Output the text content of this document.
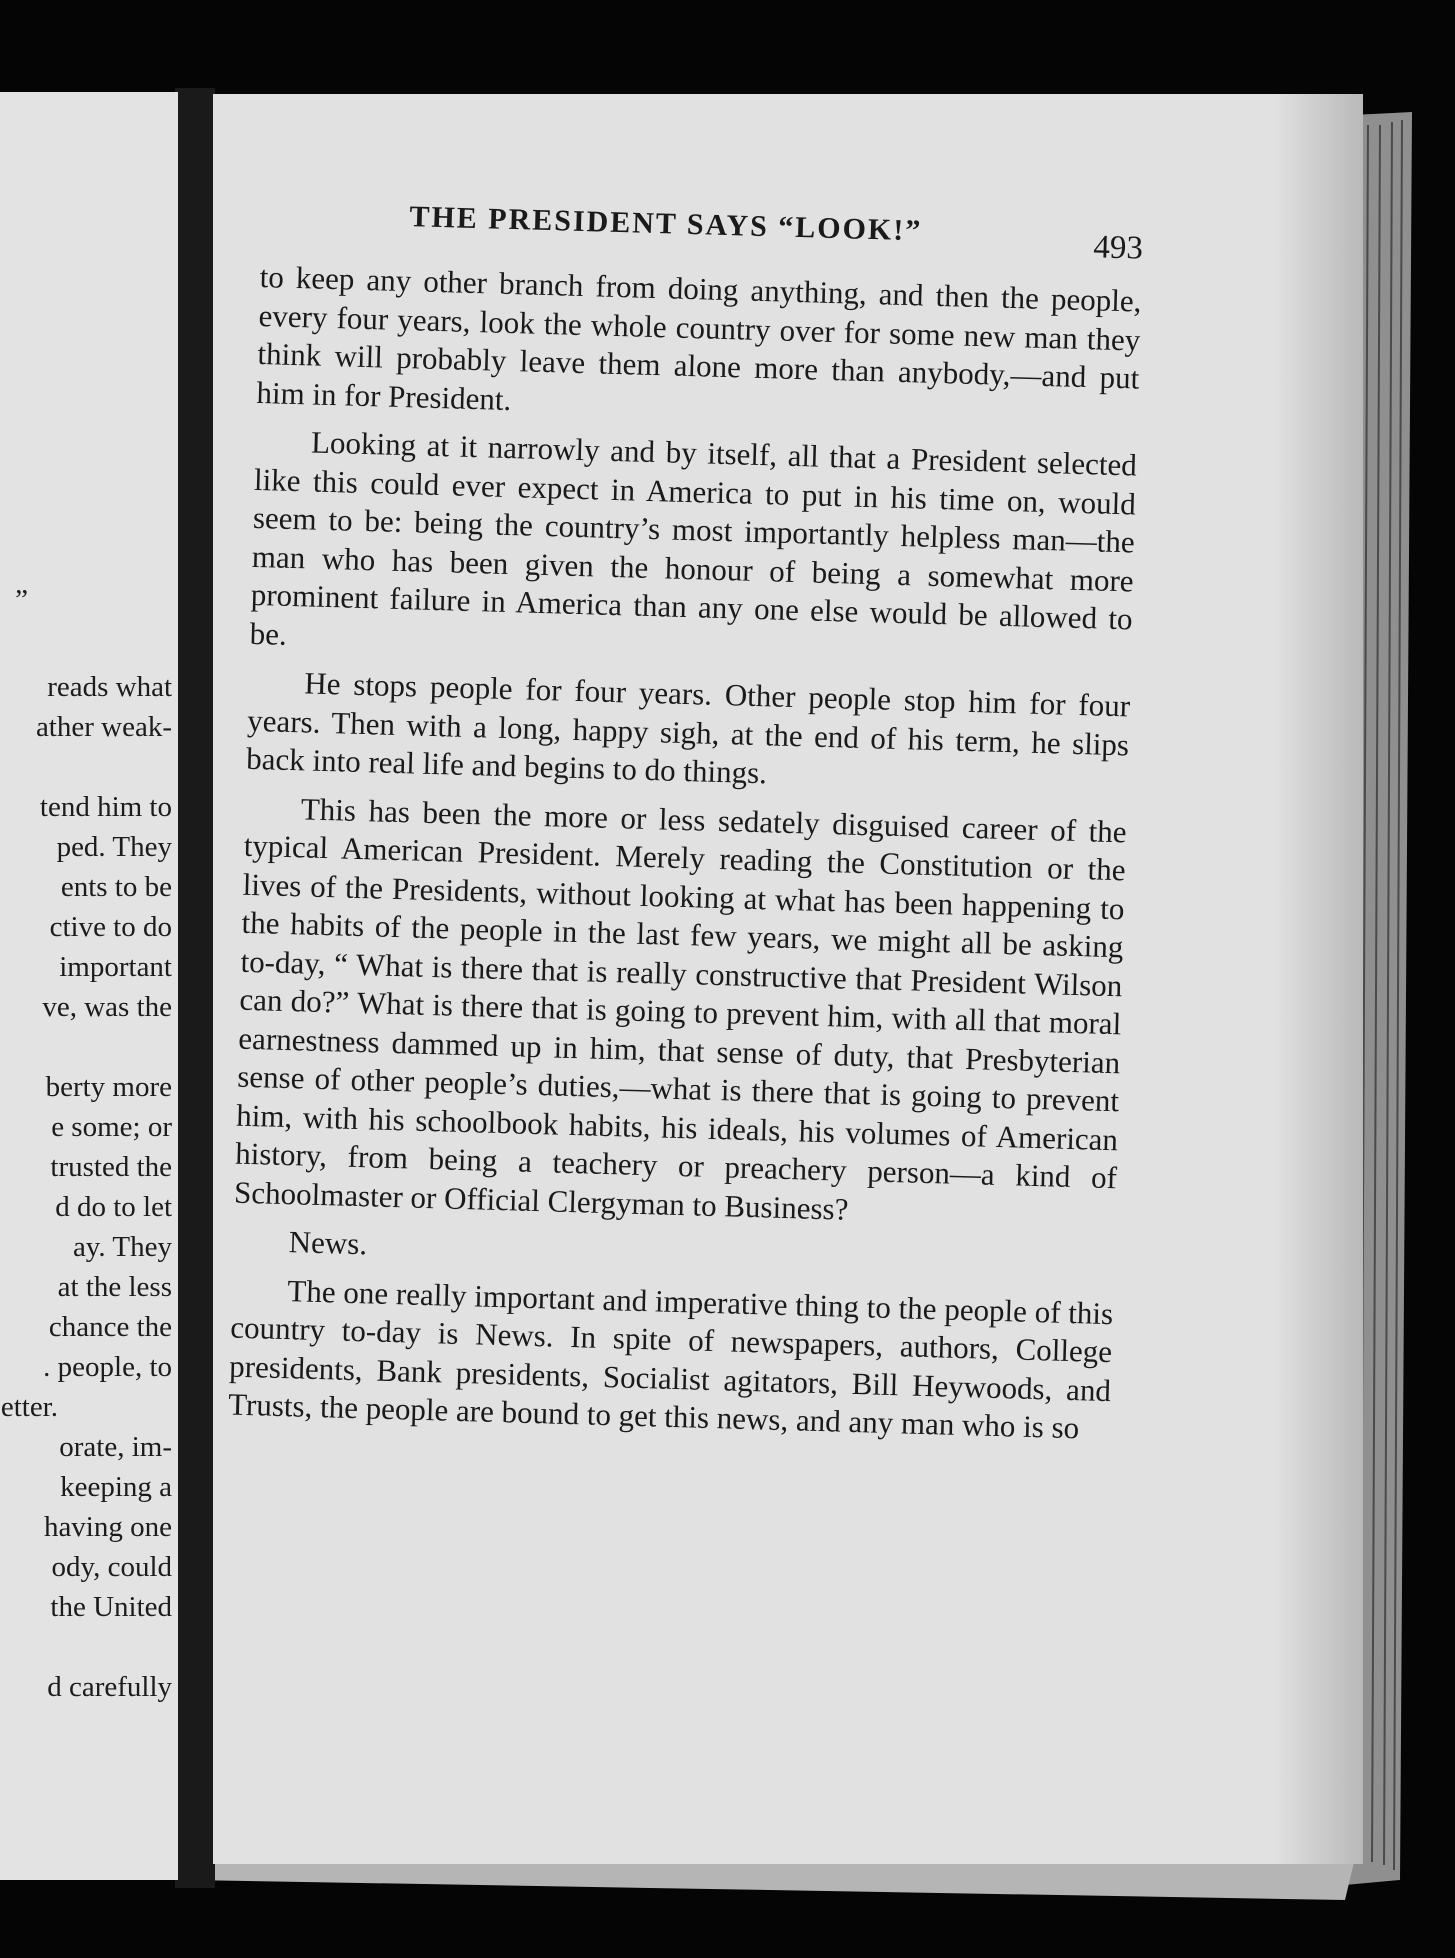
”
reads what
ather weak-
tend him to
ped. They
ents to be
ctive to do
important
ve, was the
berty more
e some; or
trusted the
d do to let
ay. They
at the less
chance the
. people, to
etter.
orate, im-
keeping a
having one
ody, could
the United
d carefully
THE PRESIDENT SAYS “LOOK!”
493

to keep any other branch from doing anything, and then the people, every four years, look the whole country over for some new man they think will probably leave them alone more than anybody,—and put him in for President.

Looking at it narrowly and by itself, all that a President selected like this could ever expect in America to put in his time on, would seem to be: being the country’s most importantly helpless man—the man who has been given the honour of being a somewhat more prominent failure in America than any one else would be allowed to be.

He stops people for four years. Other people stop him for four years. Then with a long, happy sigh, at the end of his term, he slips back into real life and begins to do things.

This has been the more or less sedately disguised career of the typical American President. Merely reading the Constitution or the lives of the Presidents, without looking at what has been happening to the habits of the people in the last few years, we might all be asking to-day, “ What is there that is really constructive that President Wilson can do?” What is there that is going to prevent him, with all that moral earnestness dammed up in him, that sense of duty, that Presbyterian sense of other people’s duties,—what is there that is going to prevent him, with his schoolbook habits, his ideals, his volumes of American history, from being a teachery or preachery person—a kind of Schoolmaster or Official Clergyman to Business?

News.

The one really important and imperative thing to the people of this country to-day is News. In spite of newspapers, authors, College presidents, Bank presidents, Socialist agitators, Bill Heywoods, and Trusts, the people are bound to get this news, and any man who is so
